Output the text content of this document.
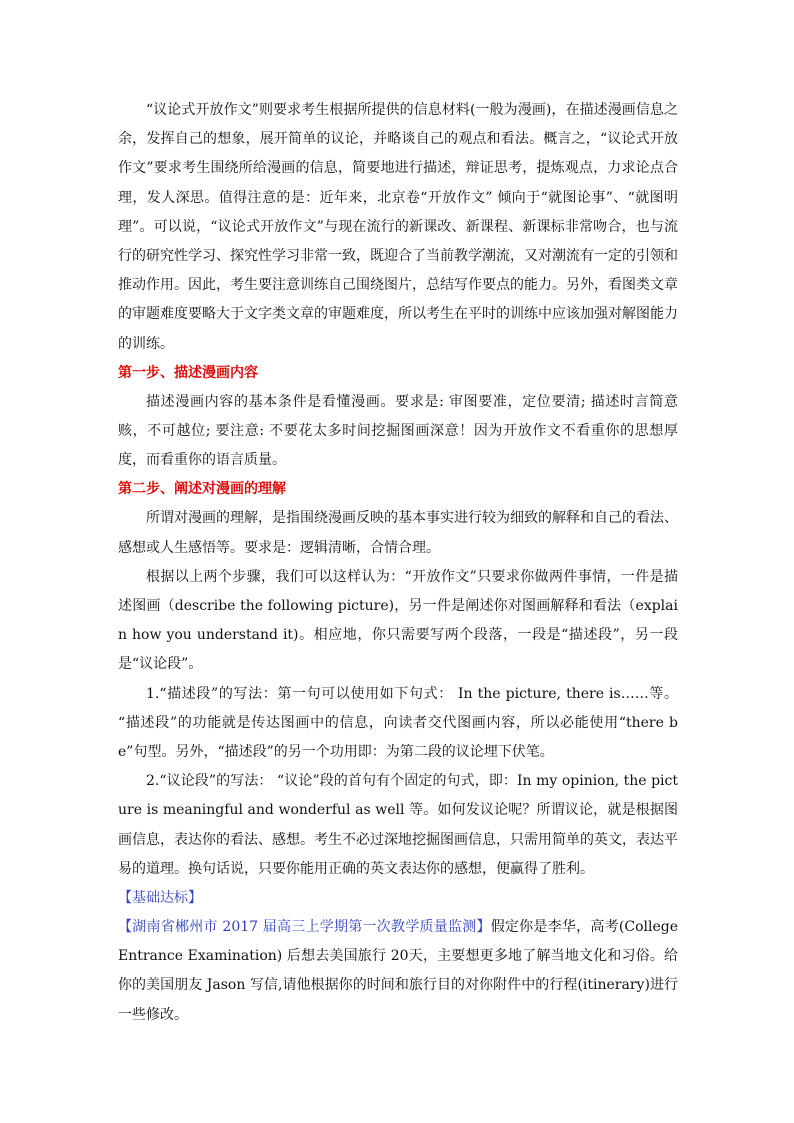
“议论式开放作文”则要求考生根据所提供的信息材料(一般为漫画)，在描述漫画信息之余，发挥自己的想象，展开简单的议论，并略谈自己的观点和看法。概言之，“议论式开放作文”要求考生围绕所给漫画的信息，简要地进行描述，辩证思考，提炼观点，力求论点合理，发人深思。值得注意的是：近年来，北京卷“开放作文” 倾向于“就图论事”、“就图明理”。可以说，“议论式开放作文”与现在流行的新课改、新课程、新课标非常吻合，也与流行的研究性学习、探究性学习非常一致，既迎合了当前教学潮流，又对潮流有一定的引领和推动作用。因此，考生要注意训练自己围绕图片，总结写作要点的能力。另外，看图类文章的审题难度要略大于文字类文章的审题难度，所以考生在平时的训练中应该加强对解图能力的训练。

第一步、描述漫画内容

描述漫画内容的基本条件是看懂漫画。要求是: 审图要准，定位要清; 描述时言简意赅，不可越位; 要注意: 不要花太多时间挖掘图画深意！因为开放作文不看重你的思想厚度，而看重你的语言质量。

第二步、阐述对漫画的理解

所谓对漫画的理解，是指围绕漫画反映的基本事实进行较为细致的解释和自己的看法、感想或人生感悟等。要求是：逻辑清晰，合情合理。

根据以上两个步骤，我们可以这样认为：“开放作文”只要求你做两件事情，一件是描述图画（describe the following picture)，另一件是阐述你对图画解释和看法（explain how you understand it)。相应地，你只需要写两个段落，一段是“描述段”，另一段是“议论段”。

1.“描述段”的写法：第一句可以使用如下句式： In the picture, there is……等。 “描述段”的功能就是传达图画中的信息，向读者交代图画内容，所以必能使用“there be”句型。另外，“描述段”的另一个功用即：为第二段的议论埋下伏笔。

2.“议论段”的写法： “议论”段的首句有个固定的句式，即：In my opinion, the picture is meaningful and wonderful as well 等。如何发议论呢？所谓议论，就是根据图画信息，表达你的看法、感想。考生不必过深地挖掘图画信息，只需用简单的英文，表达平易的道理。换句话说，只要你能用正确的英文表达你的感想，便赢得了胜利。

【基础达标】

【湖南省郴州市 2017 届高三上学期第一次教学质量监测】假定你是李华，高考(College Entrance Examination) 后想去美国旅行 20天，主要想更多地了解当地文化和习俗。给你的美国朋友 Jason 写信,请他根据你的时间和旅行目的对你附件中的行程(itinerary)进行一些修改。
